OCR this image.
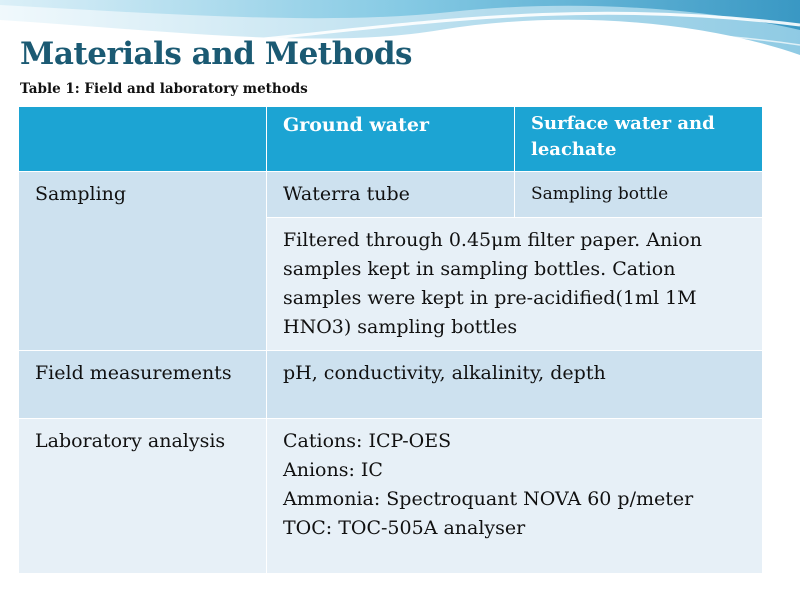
Materials and Methods

Table 1: Field and laboratory methods

	Ground water	Surface water and leachate
Sampling	Waterra tube	Sampling bottle
	Filtered through 0.45μm filter paper. Anion samples kept in sampling bottles. Cation samples were kept in pre-acidified(1ml 1M HNO3) sampling bottles	
Field measurements	pH, conductivity, alkalinity, depth	
Laboratory analysis	Cations: ICP-OES
Anions: IC
Ammonia: Spectroquant NOVA 60 p/meter
TOC: TOC-505A analyser	
